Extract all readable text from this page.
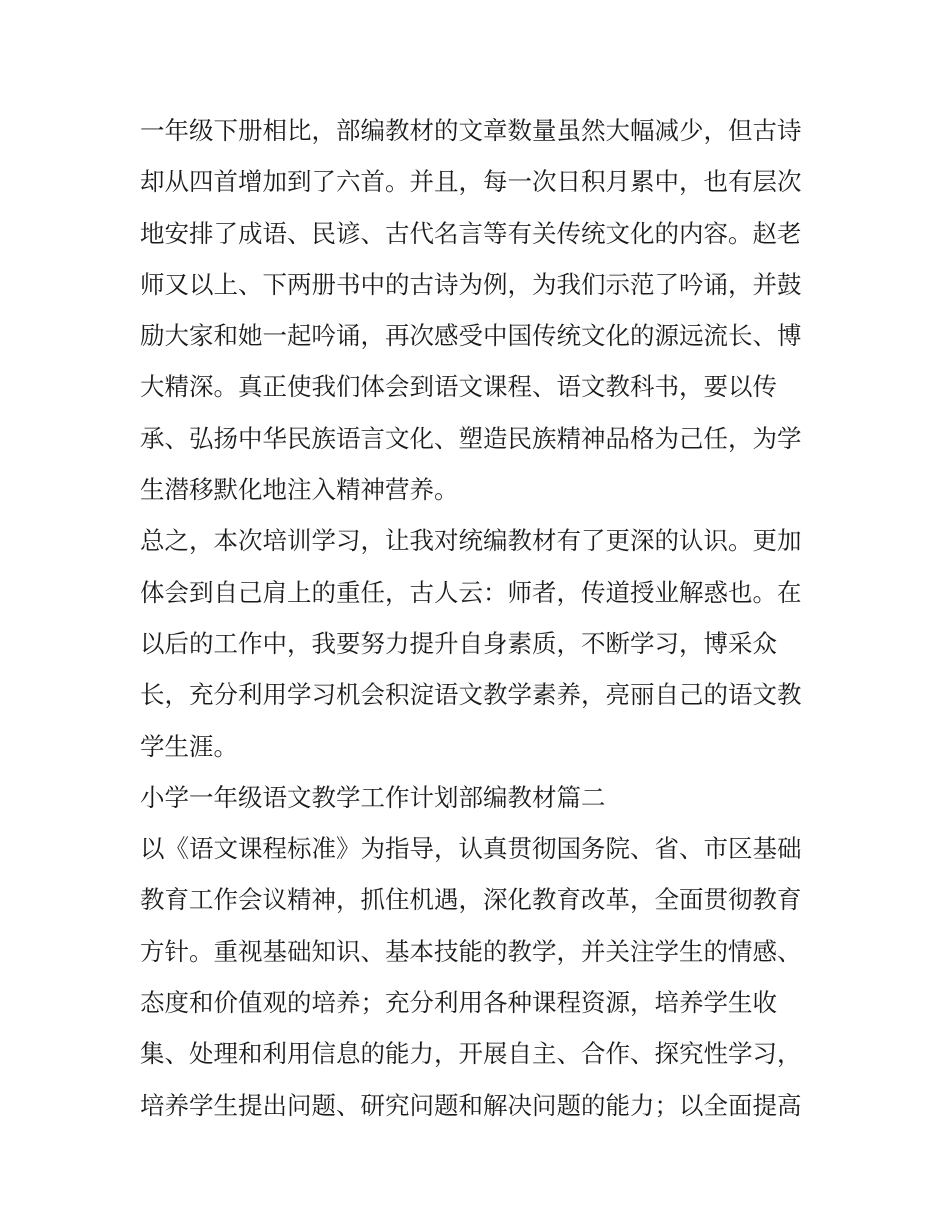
一年级下册相比，部编教材的文章数量虽然大幅减少，但古诗
却从四首增加到了六首。并且，每一次日积月累中，也有层次
地安排了成语、民谚、古代名言等有关传统文化的内容。赵老
师又以上、下两册书中的古诗为例，为我们示范了吟诵，并鼓
励大家和她一起吟诵，再次感受中国传统文化的源远流长、博
大精深。真正使我们体会到语文课程、语文教科书，要以传
承、弘扬中华民族语言文化、塑造民族精神品格为己任，为学
生潜移默化地注入精神营养。
总之，本次培训学习，让我对统编教材有了更深的认识。更加
体会到自己肩上的重任，古人云：师者，传道授业解惑也。在
以后的工作中，我要努力提升自身素质，不断学习，博采众
长，充分利用学习机会积淀语文教学素养，亮丽自己的语文教
学生涯。
小学一年级语文教学工作计划部编教材篇二
以《语文课程标准》为指导，认真贯彻国务院、省、市区基础
教育工作会议精神，抓住机遇，深化教育改革，全面贯彻教育
方针。重视基础知识、基本技能的教学，并关注学生的情感、
态度和价值观的培养；充分利用各种课程资源，培养学生收
集、处理和利用信息的能力，开展自主、合作、探究性学习，
培养学生提出问题、研究问题和解决问题的能力；以全面提高
